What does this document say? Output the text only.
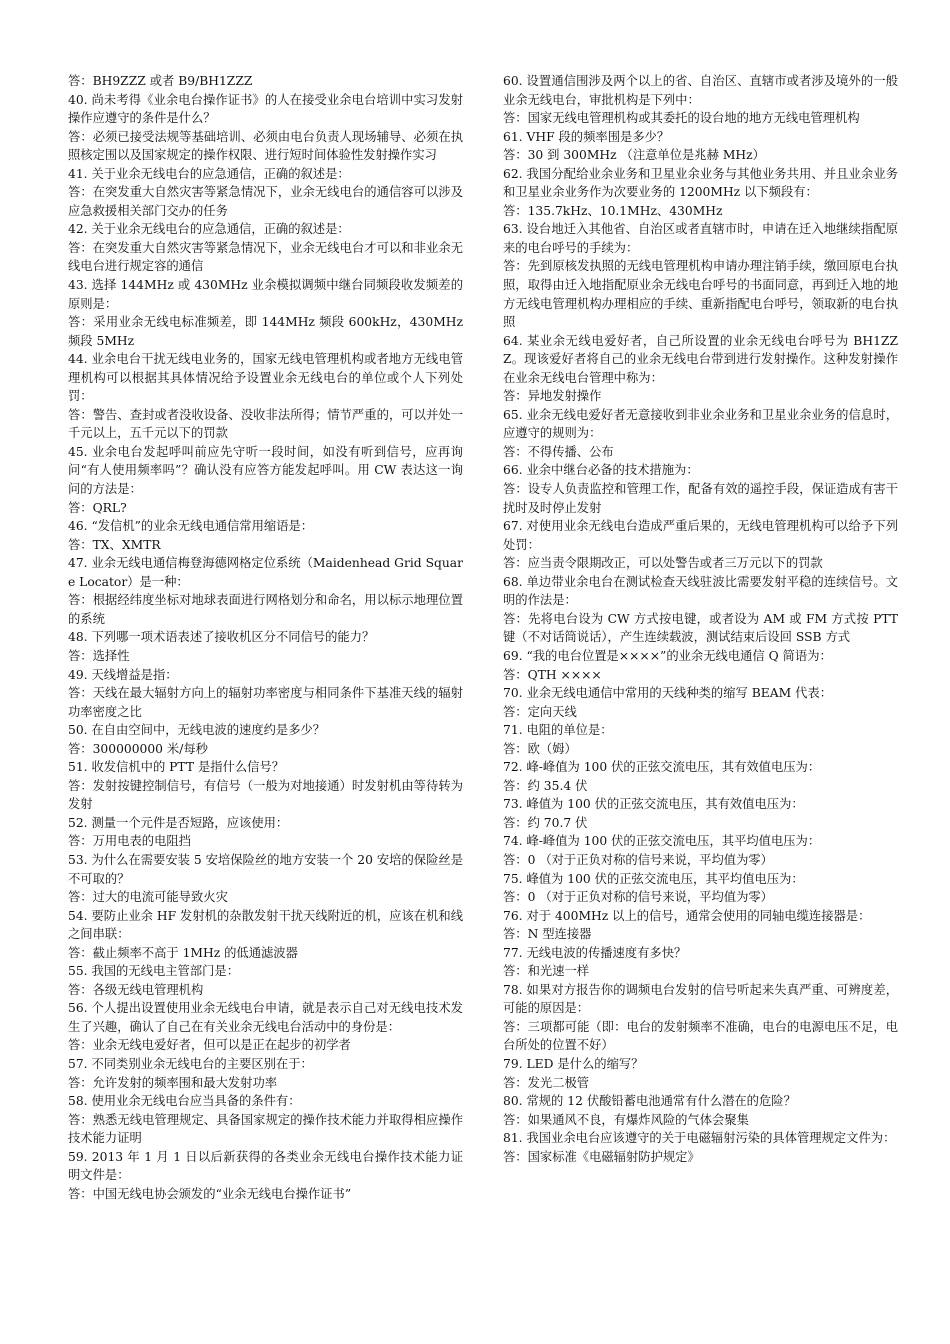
答：BH9ZZZ 或者 B9/BH1ZZZ

40. 尚未考得《业余电台操作证书》的人在接受业余电台培训中实习发射操作应遵守的条件是什么？

答：必须已接受法规等基础培训、必须由电台负责人现场辅导、必须在执照核定围以及国家规定的操作权限、进行短时间体验性发射操作实习

41. 关于业余无线电台的应急通信，正确的叙述是：

答：在突发重大自然灾害等紧急情况下，业余无线电台的通信容可以涉及应急救援相关部门交办的任务

42. 关于业余无线电台的应急通信，正确的叙述是：

答：在突发重大自然灾害等紧急情况下，业余无线电台才可以和非业余无线电台进行规定容的通信

43. 选择 144MHz 或 430MHz 业余模拟调频中继台同频段收发频差的原则是：

答：采用业余无线电标准频差，即 144MHz 频段 600kHz，430MHz 频段 5MHz

44. 业余电台干扰无线电业务的，国家无线电管理机构或者地方无线电管理机构可以根据其具体情况给予设置业余无线电台的单位或个人下列处罚：

答：警告、查封或者没收设备、没收非法所得；情节严重的，可以并处一千元以上，五千元以下的罚款

45. 业余电台发起呼叫前应先守听一段时间，如没有听到信号，应再询问“有人使用频率吗”？确认没有应答方能发起呼叫。用 CW 表达这一询问的方法是：

答：QRL?

46. “发信机”的业余无线电通信常用缩语是：

答：TX、XMTR

47. 业余无线电通信梅登海德网格定位系统（Maidenhead Grid Square Locator）是一种：

答：根据经纬度坐标对地球表面进行网格划分和命名，用以标示地理位置的系统

48. 下列哪一项术语表述了接收机区分不同信号的能力？

答：选择性

49. 天线增益是指：

答：天线在最大辐射方向上的辐射功率密度与相同条件下基准天线的辐射功率密度之比

50. 在自由空间中，无线电波的速度约是多少？

答：300000000 米/每秒

51. 收发信机中的 PTT 是指什么信号？

答：发射按键控制信号，有信号（一般为对地接通）时发射机由等待转为发射

52. 测量一个元件是否短路，应该使用：

答：万用电表的电阻挡

53. 为什么在需要安装 5 安培保险丝的地方安装一个 20 安培的保险丝是不可取的？

答：过大的电流可能导致火灾

54. 要防止业余 HF 发射机的杂散发射干扰天线附近的机，应该在机和线之间串联：

答：截止频率不高于 1MHz 的低通滤波器

55. 我国的无线电主管部门是：

答：各级无线电管理机构

56. 个人提出设置使用业余无线电台申请，就是表示自己对无线电技术发生了兴趣，确认了自己在有关业余无线电台活动中的身份是：

答：业余无线电爱好者，但可以是正在起步的初学者

57. 不同类别业余无线电台的主要区别在于：

答：允许发射的频率围和最大发射功率

58. 使用业余无线电台应当具备的条件有：

答：熟悉无线电管理规定、具备国家规定的操作技术能力并取得相应操作技术能力证明

59. 2013 年 1 月 1 日以后新获得的各类业余无线电台操作技术能力证明文件是：

答：中国无线电协会颁发的“业余无线电台操作证书”

60. 设置通信围涉及两个以上的省、自治区、直辖市或者涉及境外的一般业余无线电台，审批机构是下列中：

答：国家无线电管理机构或其委托的设台地的地方无线电管理机构

61. VHF 段的频率围是多少？

答：30 到 300MHz （注意单位是兆赫 MHz）

62. 我国分配给业余业务和卫星业余业务与其他业务共用、并且业余业务和卫星业余业务作为次要业务的 1200MHz 以下频段有：

答：135.7kHz、10.1MHz、430MHz

63. 设台地迁入其他省、自治区或者直辖市时，申请在迁入地继续指配原来的电台呼号的手续为：

答：先到原核发执照的无线电管理机构申请办理注销手续，缴回原电台执照，取得由迁入地指配原业余无线电台呼号的书面同意，再到迁入地的地方无线电管理机构办理相应的手续、重新指配电台呼号，领取新的电台执照

64. 某业余无线电爱好者，自己所设置的业余无线电台呼号为 BH1ZZZ。现该爱好者将自己的业余无线电台带到进行发射操作。这种发射操作在业余无线电台管理中称为：

答：异地发射操作

65. 业余无线电爱好者无意接收到非业余业务和卫星业余业务的信息时，应遵守的规则为：

答：不得传播、公布

66. 业余中继台必备的技术措施为：

答：设专人负责监控和管理工作，配备有效的遥控手段，保证造成有害干扰时及时停止发射

67. 对使用业余无线电台造成严重后果的，无线电管理机构可以给予下列处罚：

答：应当责令限期改正，可以处警告或者三万元以下的罚款

68. 单边带业余电台在测试检查天线驻波比需要发射平稳的连续信号。文明的作法是：

答：先将电台设为 CW 方式按电键，或者设为 AM 或 FM 方式按 PTT 键（不对话筒说话），产生连续载波，测试结束后设回 SSB 方式

69. “我的电台位置是××××”的业余无线电通信 Q 简语为：

答：QTH ××××

70. 业余无线电通信中常用的天线种类的缩写 BEAM 代表：

答：定向天线

71. 电阻的单位是：

答：欧（姆）

72. 峰-峰值为 100 伏的正弦交流电压，其有效值电压为：

答：约 35.4 伏

73. 峰值为 100 伏的正弦交流电压，其有效值电压为：

答：约 70.7 伏

74. 峰-峰值为 100 伏的正弦交流电压，其平均值电压为：

答：0 （对于正负对称的信号来说，平均值为零）

75. 峰值为 100 伏的正弦交流电压，其平均值电压为：

答：0 （对于正负对称的信号来说，平均值为零）

76. 对于 400MHz 以上的信号，通常会使用的同轴电缆连接器是：

答：N 型连接器

77. 无线电波的传播速度有多快？

答：和光速一样

78. 如果对方报告你的调频电台发射的信号听起来失真严重、可辨度差，可能的原因是：

答：三项都可能（即：电台的发射频率不准确，电台的电源电压不足，电台所处的位置不好）

79. LED 是什么的缩写？

答：发光二极管

80. 常规的 12 伏酸铅蓄电池通常有什么潜在的危险？

答：如果通风不良，有爆炸风险的气体会聚集

81. 我国业余电台应该遵守的关于电磁辐射污染的具体管理规定文件为：

答：国家标准《电磁辐射防护规定》
